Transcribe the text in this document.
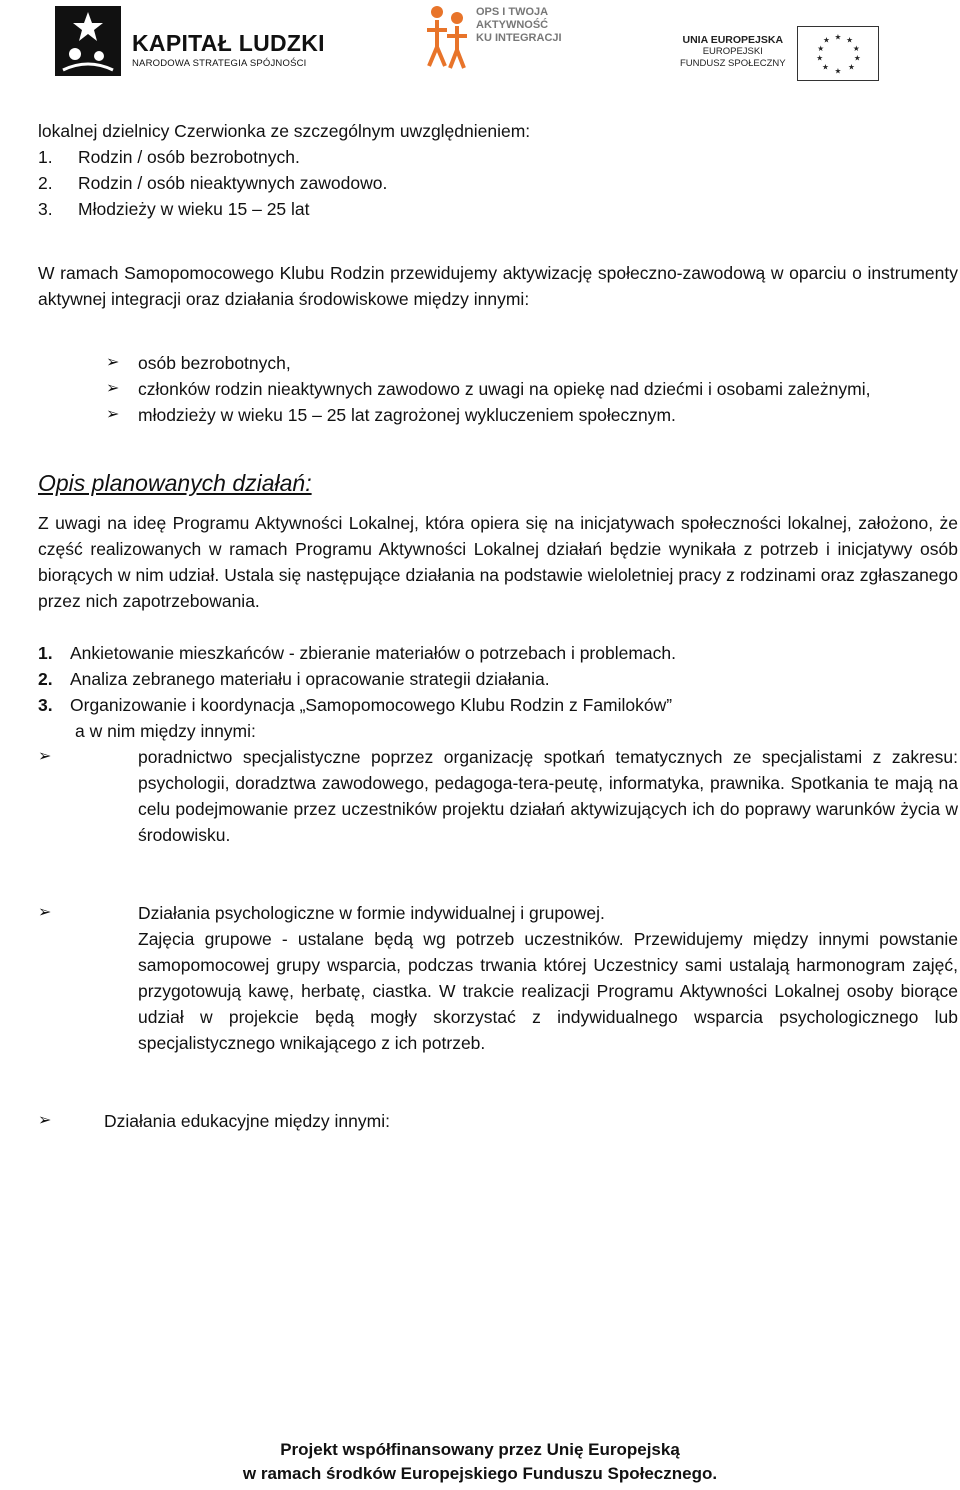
KAPITAŁ LUDZKI
NARODOWA STRATEGIA SPÓJNOŚCI
OPS I TWOJA
AKTYWNOŚĆ
KU INTEGRACJI	UNIA EUROPEJSKA
EUROPEJSKI
FUNDUSZ SPOŁECZNY
★ ★
★
★
★
★
★
★
★
★

lokalnej dzielnicy Czerwionka ze szczególnym uwzględnieniem:

1.	Rodzin / osób bezrobotnych.
2.	Rodzin / osób nieaktywnych zawodowo.
3.	Młodzieży w wieku 15 – 25 lat

W ramach Samopomocowego Klubu Rodzin przewidujemy aktywizację społeczno-zawodową w oparciu o instrumenty aktywnej integracji oraz działania środowiskowe między innymi:

➢	osób bezrobotnych,
➢	członków rodzin nieaktywnych zawodowo z uwagi na opiekę nad dziećmi i osobami zależnymi,
➢	młodzieży w wieku 15 – 25 lat zagrożonej wykluczeniem społecznym.

Opis planowanych działań:

Z uwagi na ideę Programu Aktywności Lokalnej, która opiera się na inicjatywach społeczności lokalnej, założono, że część realizowanych w ramach Programu Aktywności Lokalnej działań będzie wynikała z potrzeb i inicjatywy osób biorących w nim udział. Ustala się następujące działania na podstawie wieloletniej pracy z rodzinami oraz zgłaszanego przez nich zapotrzebowania.

1. Ankietowanie mieszkańców - zbieranie materiałów o potrzebach i problemach.
2. Analiza zebranego materiału i opracowanie strategii działania.
3. Organizowanie i koordynacja „Samopomocowego Klubu Rodzin z Familoków”

a w nim między innymi:

➢	poradnictwo specjalistyczne poprzez organizację spotkań tematycznych ze specjalistami z zakresu: psychologii, doradztwa zawodowego, pedagoga-tera-peutę, informatyka, prawnika. Spotkania te mają na celu podejmowanie przez uczestników projektu działań aktywizujących ich do poprawy warunków życia w środowisku.
➢	Działania psychologiczne w formie indywidualnej i grupowej.
Zajęcia grupowe - ustalane będą wg potrzeb uczestników. Przewidujemy między innymi powstanie samopomocowej grupy wsparcia, podczas trwania której Uczestnicy sami ustalają harmonogram zajęć, przygotowują kawę, herbatę, ciastka. W trakcie realizacji Programu Aktywności Lokalnej osoby biorące udział w projekcie będą mogły skorzystać z indywidualnego wsparcia psychologicznego lub specjalistycznego wnikającego z ich potrzeb.
➢	Działania edukacyjne między innymi:
Projekt współfinansowany przez Unię Europejską
w ramach środków Europejskiego Funduszu Społecznego.
